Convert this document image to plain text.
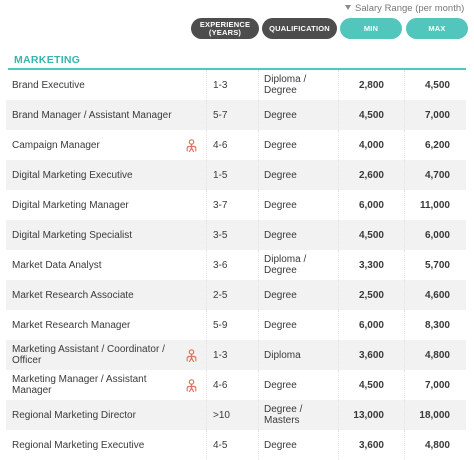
Salary Range (per month)
EXPERIENCE (YEARS)	QUALIFICATION	MIN	MAX
MARKETING
Brand Executive	1-3	Diploma / Degree	2,800	4,500
Brand Manager / Assistant Manager	5-7	Degree	4,500	7,000
Campaign Manager	4-6	Degree	4,000	6,200
Digital Marketing Executive	1-5	Degree	2,600	4,700
Digital Marketing Manager	3-7	Degree	6,000	11,000
Digital Marketing Specialist	3-5	Degree	4,500	6,000
Market Data Analyst	3-6	Diploma / Degree	3,300	5,700
Market Research Associate	2-5	Degree	2,500	4,600
Market Research Manager	5-9	Degree	6,000	8,300
Marketing Assistant / Coordinator / Officer	1-3	Diploma	3,600	4,800
Marketing Manager / Assistant Manager	4-6	Degree	4,500	7,000
Regional Marketing Director	>10	Degree / Masters	13,000	18,000
Regional Marketing Executive	4-5	Degree	3,600	4,800
